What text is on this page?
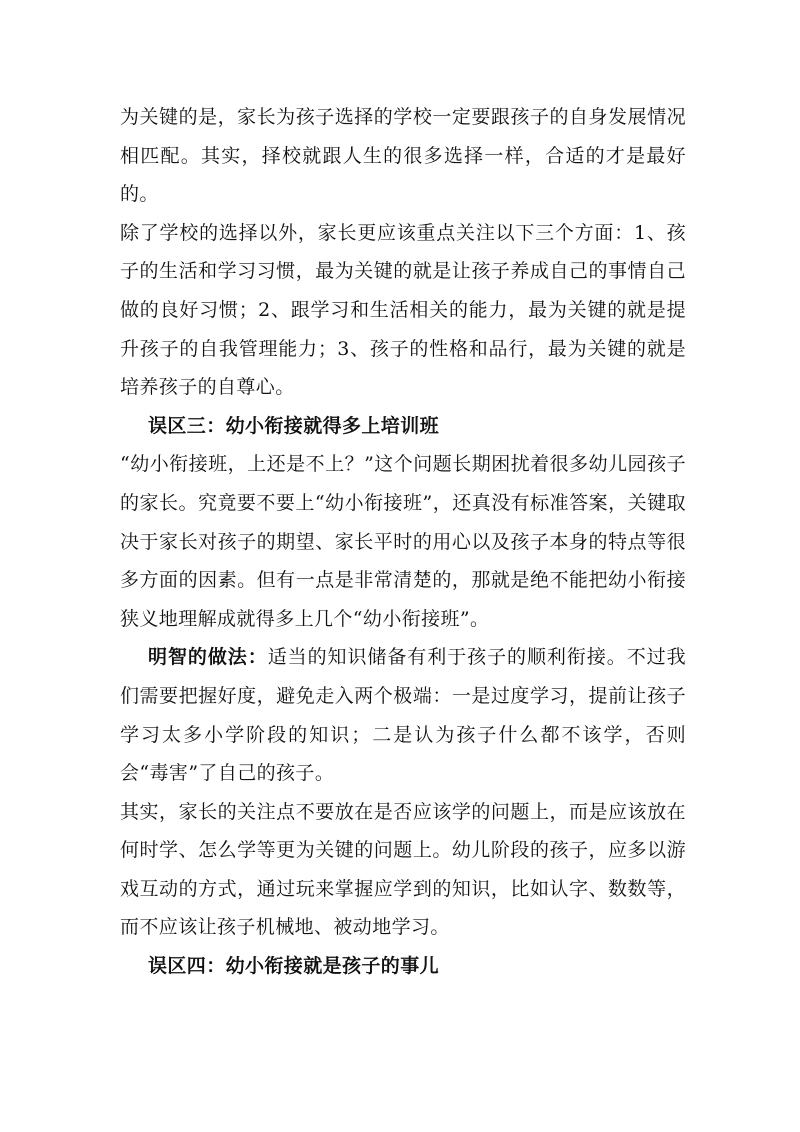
为关键的是，家长为孩子选择的学校一定要跟孩子的自身发展情况相匹配。其实，择校就跟人生的很多选择一样，合适的才是最好的。

除了学校的选择以外，家长更应该重点关注以下三个方面：1、孩子的生活和学习习惯，最为关键的就是让孩子养成自己的事情自己做的良好习惯；2、跟学习和生活相关的能力，最为关键的就是提升孩子的自我管理能力；3、孩子的性格和品行，最为关键的就是培养孩子的自尊心。

误区三：幼小衔接就得多上培训班

“幼小衔接班，上还是不上？”这个问题长期困扰着很多幼儿园孩子的家长。究竟要不要上“幼小衔接班”，还真没有标准答案，关键取决于家长对孩子的期望、家长平时的用心以及孩子本身的特点等很多方面的因素。但有一点是非常清楚的，那就是绝不能把幼小衔接狭义地理解成就得多上几个“幼小衔接班”。

明智的做法：适当的知识储备有利于孩子的顺利衔接。不过我们需要把握好度，避免走入两个极端：一是过度学习，提前让孩子学习太多小学阶段的知识；二是认为孩子什么都不该学，否则会“毒害”了自己的孩子。

其实，家长的关注点不要放在是否应该学的问题上，而是应该放在何时学、怎么学等更为关键的问题上。幼儿阶段的孩子，应多以游戏互动的方式，通过玩来掌握应学到的知识，比如认字、数数等，而不应该让孩子机械地、被动地学习。

误区四：幼小衔接就是孩子的事儿
